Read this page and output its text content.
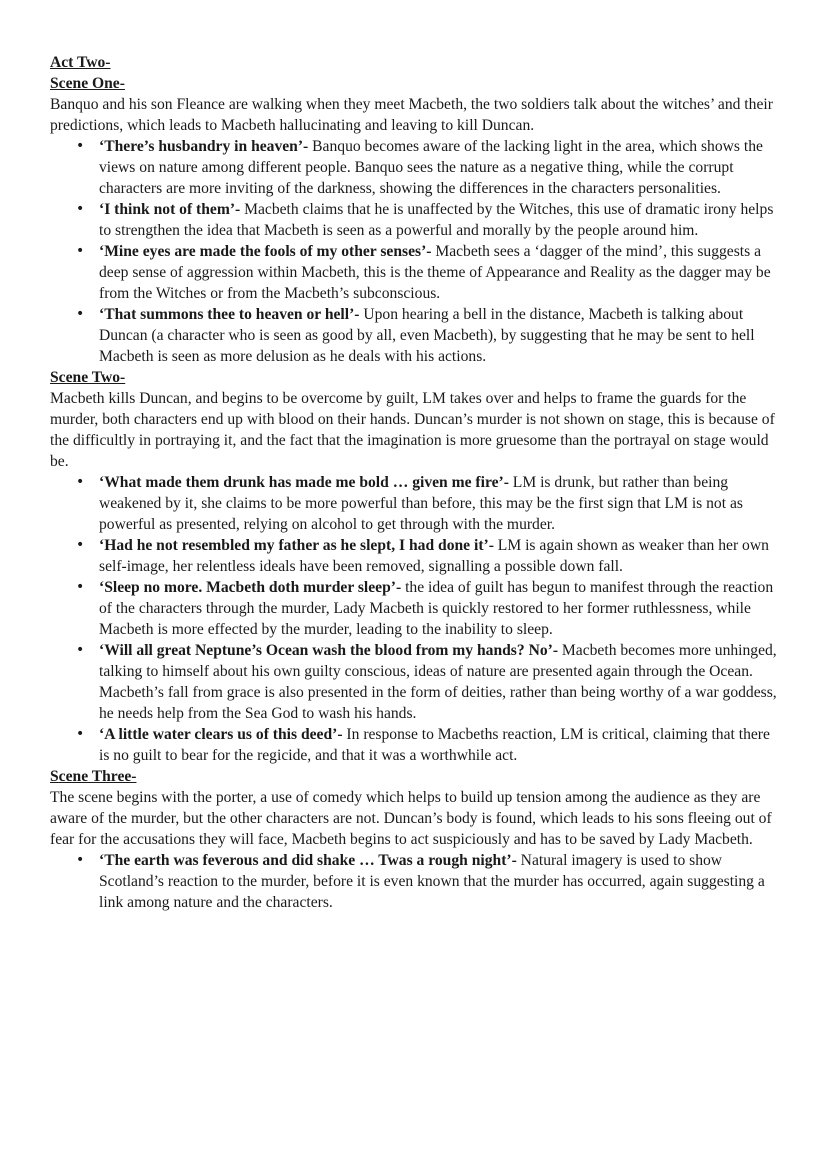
Act Two-
Scene One-

Banquo and his son Fleance are walking when they meet Macbeth, the two soldiers talk about the witches’ and their predictions, which leads to Macbeth hallucinating and leaving to kill Duncan.

• ‘There’s husbandry in heaven’- Banquo becomes aware of the lacking light in the area, which shows the views on nature among different people. Banquo sees the nature as a negative thing, while the corrupt characters are more inviting of the darkness, showing the differences in the characters personalities.
• ‘I think not of them’- Macbeth claims that he is unaffected by the Witches, this use of dramatic irony helps to strengthen the idea that Macbeth is seen as a powerful and morally by the people around him.
• ‘Mine eyes are made the fools of my other senses’- Macbeth sees a ‘dagger of the mind’, this suggests a deep sense of aggression within Macbeth, this is the theme of Appearance and Reality as the dagger may be from the Witches or from the Macbeth’s subconscious.
• ‘That summons thee to heaven or hell’- Upon hearing a bell in the distance, Macbeth is talking about Duncan (a character who is seen as good by all, even Macbeth), by suggesting that he may be sent to hell Macbeth is seen as more delusion as he deals with his actions.
Scene Two-

Macbeth kills Duncan, and begins to be overcome by guilt, LM takes over and helps to frame the guards for the murder, both characters end up with blood on their hands. Duncan’s murder is not shown on stage, this is because of the difficultly in portraying it, and the fact that the imagination is more gruesome than the portrayal on stage would be.

• ‘What made them drunk has made me bold … given me fire’- LM is drunk, but rather than being weakened by it, she claims to be more powerful than before, this may be the first sign that LM is not as powerful as presented, relying on alcohol to get through with the murder.
• ‘Had he not resembled my father as he slept, I had done it’- LM is again shown as weaker than her own self-image, her relentless ideals have been removed, signalling a possible down fall.
• ‘Sleep no more. Macbeth doth murder sleep’- the idea of guilt has begun to manifest through the reaction of the characters through the murder, Lady Macbeth is quickly restored to her former ruthlessness, while Macbeth is more effected by the murder, leading to the inability to sleep.
• ‘Will all great Neptune’s Ocean wash the blood from my hands? No’- Macbeth becomes more unhinged, talking to himself about his own guilty conscious, ideas of nature are presented again through the Ocean. Macbeth’s fall from grace is also presented in the form of deities, rather than being worthy of a war goddess, he needs help from the Sea God to wash his hands.
• ‘A little water clears us of this deed’- In response to Macbeths reaction, LM is critical, claiming that there is no guilt to bear for the regicide, and that it was a worthwhile act.
Scene Three-

The scene begins with the porter, a use of comedy which helps to build up tension among the audience as they are aware of the murder, but the other characters are not. Duncan’s body is found, which leads to his sons fleeing out of fear for the accusations they will face, Macbeth begins to act suspiciously and has to be saved by Lady Macbeth.

• ‘The earth was feverous and did shake … Twas a rough night’- Natural imagery is used to show Scotland’s reaction to the murder, before it is even known that the murder has occurred, again suggesting a link among nature and the characters.
